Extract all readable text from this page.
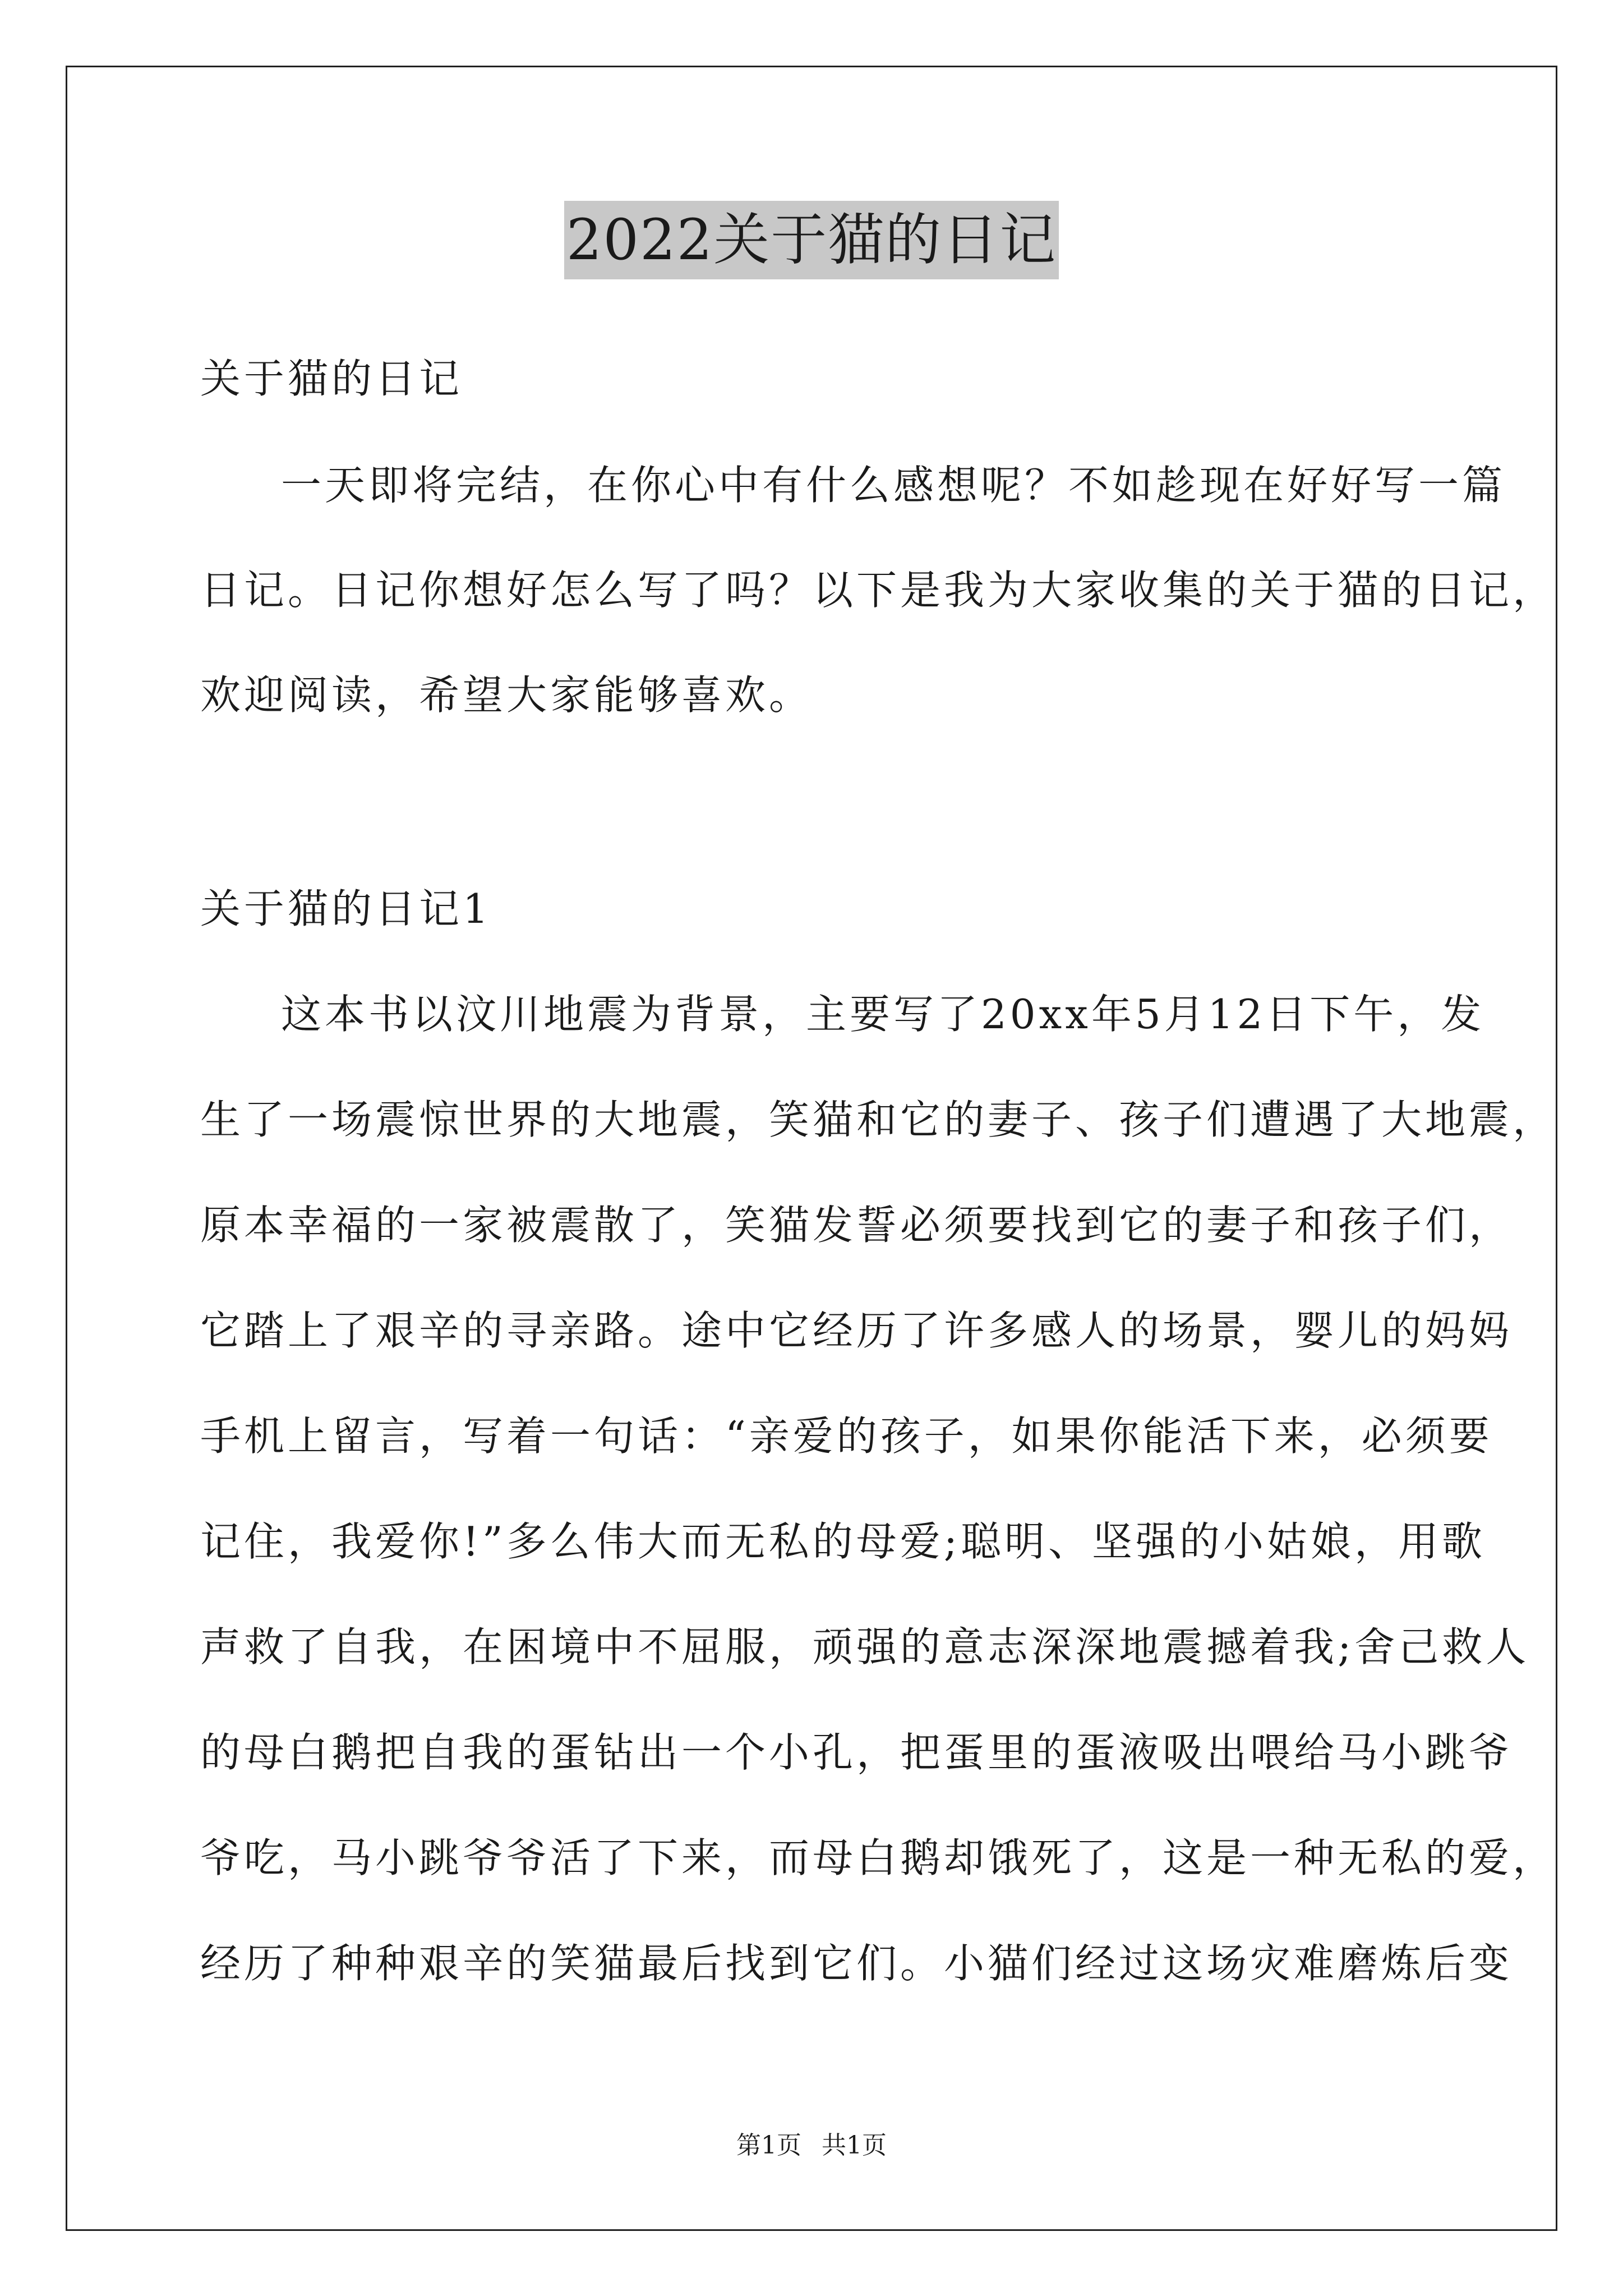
2022关于猫的日记
关于猫的日记
一天即将完结，在你心中有什么感想呢？不如趁现在好好写一篇
日记。日记你想好怎么写了吗？以下是我为大家收集的关于猫的日记，
欢迎阅读，希望大家能够喜欢。
关于猫的日记1
这本书以汶川地震为背景，主要写了20xx年5月12日下午，发
生了一场震惊世界的大地震，笑猫和它的妻子、孩子们遭遇了大地震，
原本幸福的一家被震散了，笑猫发誓必须要找到它的妻子和孩子们，
它踏上了艰辛的寻亲路。途中它经历了许多感人的场景，婴儿的妈妈
手机上留言，写着一句话：“亲爱的孩子，如果你能活下来，必须要
记住，我爱你!”多么伟大而无私的母爱;聪明、坚强的小姑娘，用歌
声救了自我，在困境中不屈服，顽强的意志深深地震撼着我;舍己救人
的母白鹅把自我的蛋钻出一个小孔，把蛋里的蛋液吸出喂给马小跳爷
爷吃，马小跳爷爷活了下来，而母白鹅却饿死了，这是一种无私的爱，
经历了种种艰辛的笑猫最后找到它们。小猫们经过这场灾难磨炼后变
第1页 共1页
